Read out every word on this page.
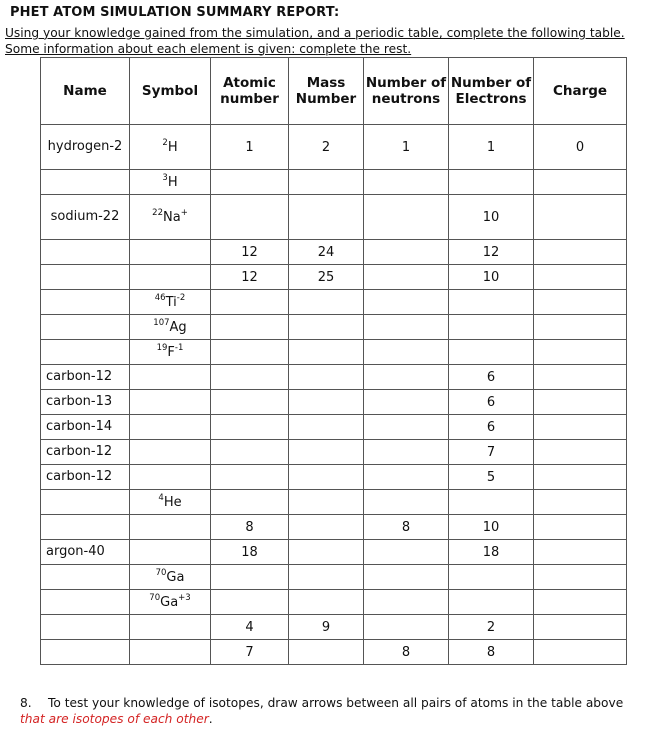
PHET ATOM SIMULATION SUMMARY REPORT:
Using your knowledge gained from the simulation, and a periodic table, complete the following table. Some information about each element is given: complete the rest.
Name	Symbol	Atomic number	Mass Number	Number of neutrons	Number of Electrons	Charge
hydrogen-2	$^2$H	1	2	1	1	0
	$^3$H					
sodium-22	$^{22}$Na+				10	
		12	24		12	
		12	25		10	
	$^{46}Ti^{-2}$					
	$^{107}$Ag					
	$^{19}F^{-1}$					
carbon-12					6	
carbon-13					6	
carbon-14					6	
carbon-12					7	
carbon-12					5	
	$^4$He					
		8		8	10	
argon-40		18			18	
	$^{70}$Ga					
	$^{70}Ga^{+3}$					
		4	9		2	
		7		8	8	
8. To test your knowledge of isotopes, draw arrows between all pairs of atoms in the table above that are isotopes of each other.
